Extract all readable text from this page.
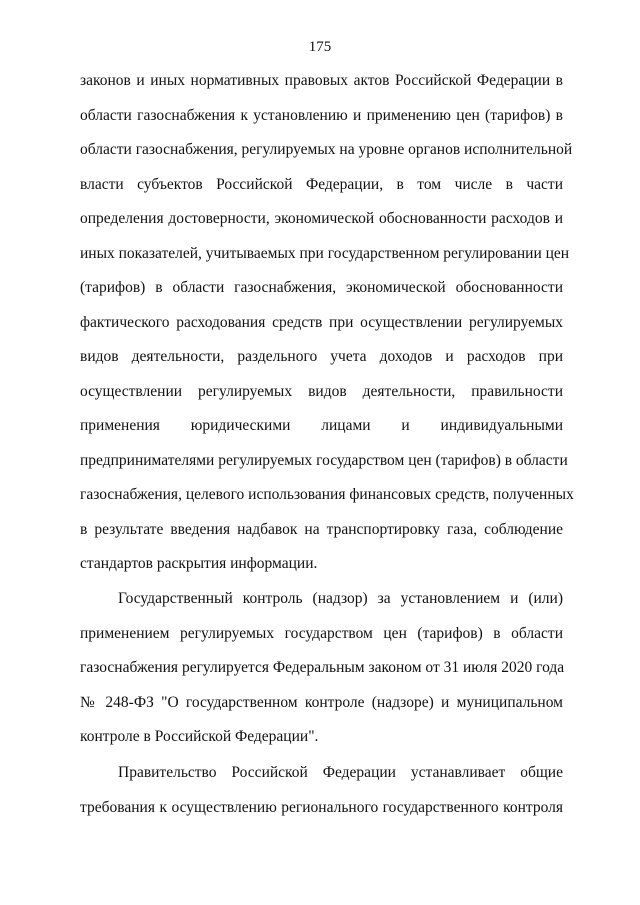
175
законов и иных нормативных правовых актов Российской Федерации в
области газоснабжения к установлению и применению цен (тарифов) в
области газоснабжения, регулируемых на уровне органов исполнительной
власти субъектов Российской Федерации, в том числе в части
определения достоверности, экономической обоснованности расходов и
иных показателей, учитываемых при государственном регулировании цен
(тарифов) в области газоснабжения, экономической обоснованности
фактического расходования средств при осуществлении регулируемых
видов деятельности, раздельного учета доходов и расходов при
осуществлении регулируемых видов деятельности, правильности
применения юридическими лицами и индивидуальными
предпринимателями регулируемых государством цен (тарифов) в области
газоснабжения, целевого использования финансовых средств, полученных
в результате введения надбавок на транспортировку газа, соблюдение
стандартов раскрытия информации.
Государственный контроль (надзор) за установлением и (или)
применением регулируемых государством цен (тарифов) в области
газоснабжения регулируется Федеральным законом от 31 июля 2020 года
№ 248-ФЗ "О государственном контроле (надзоре) и муниципальном
контроле в Российской Федерации".
Правительство Российской Федерации устанавливает общие
требования к осуществлению регионального государственного контроля
